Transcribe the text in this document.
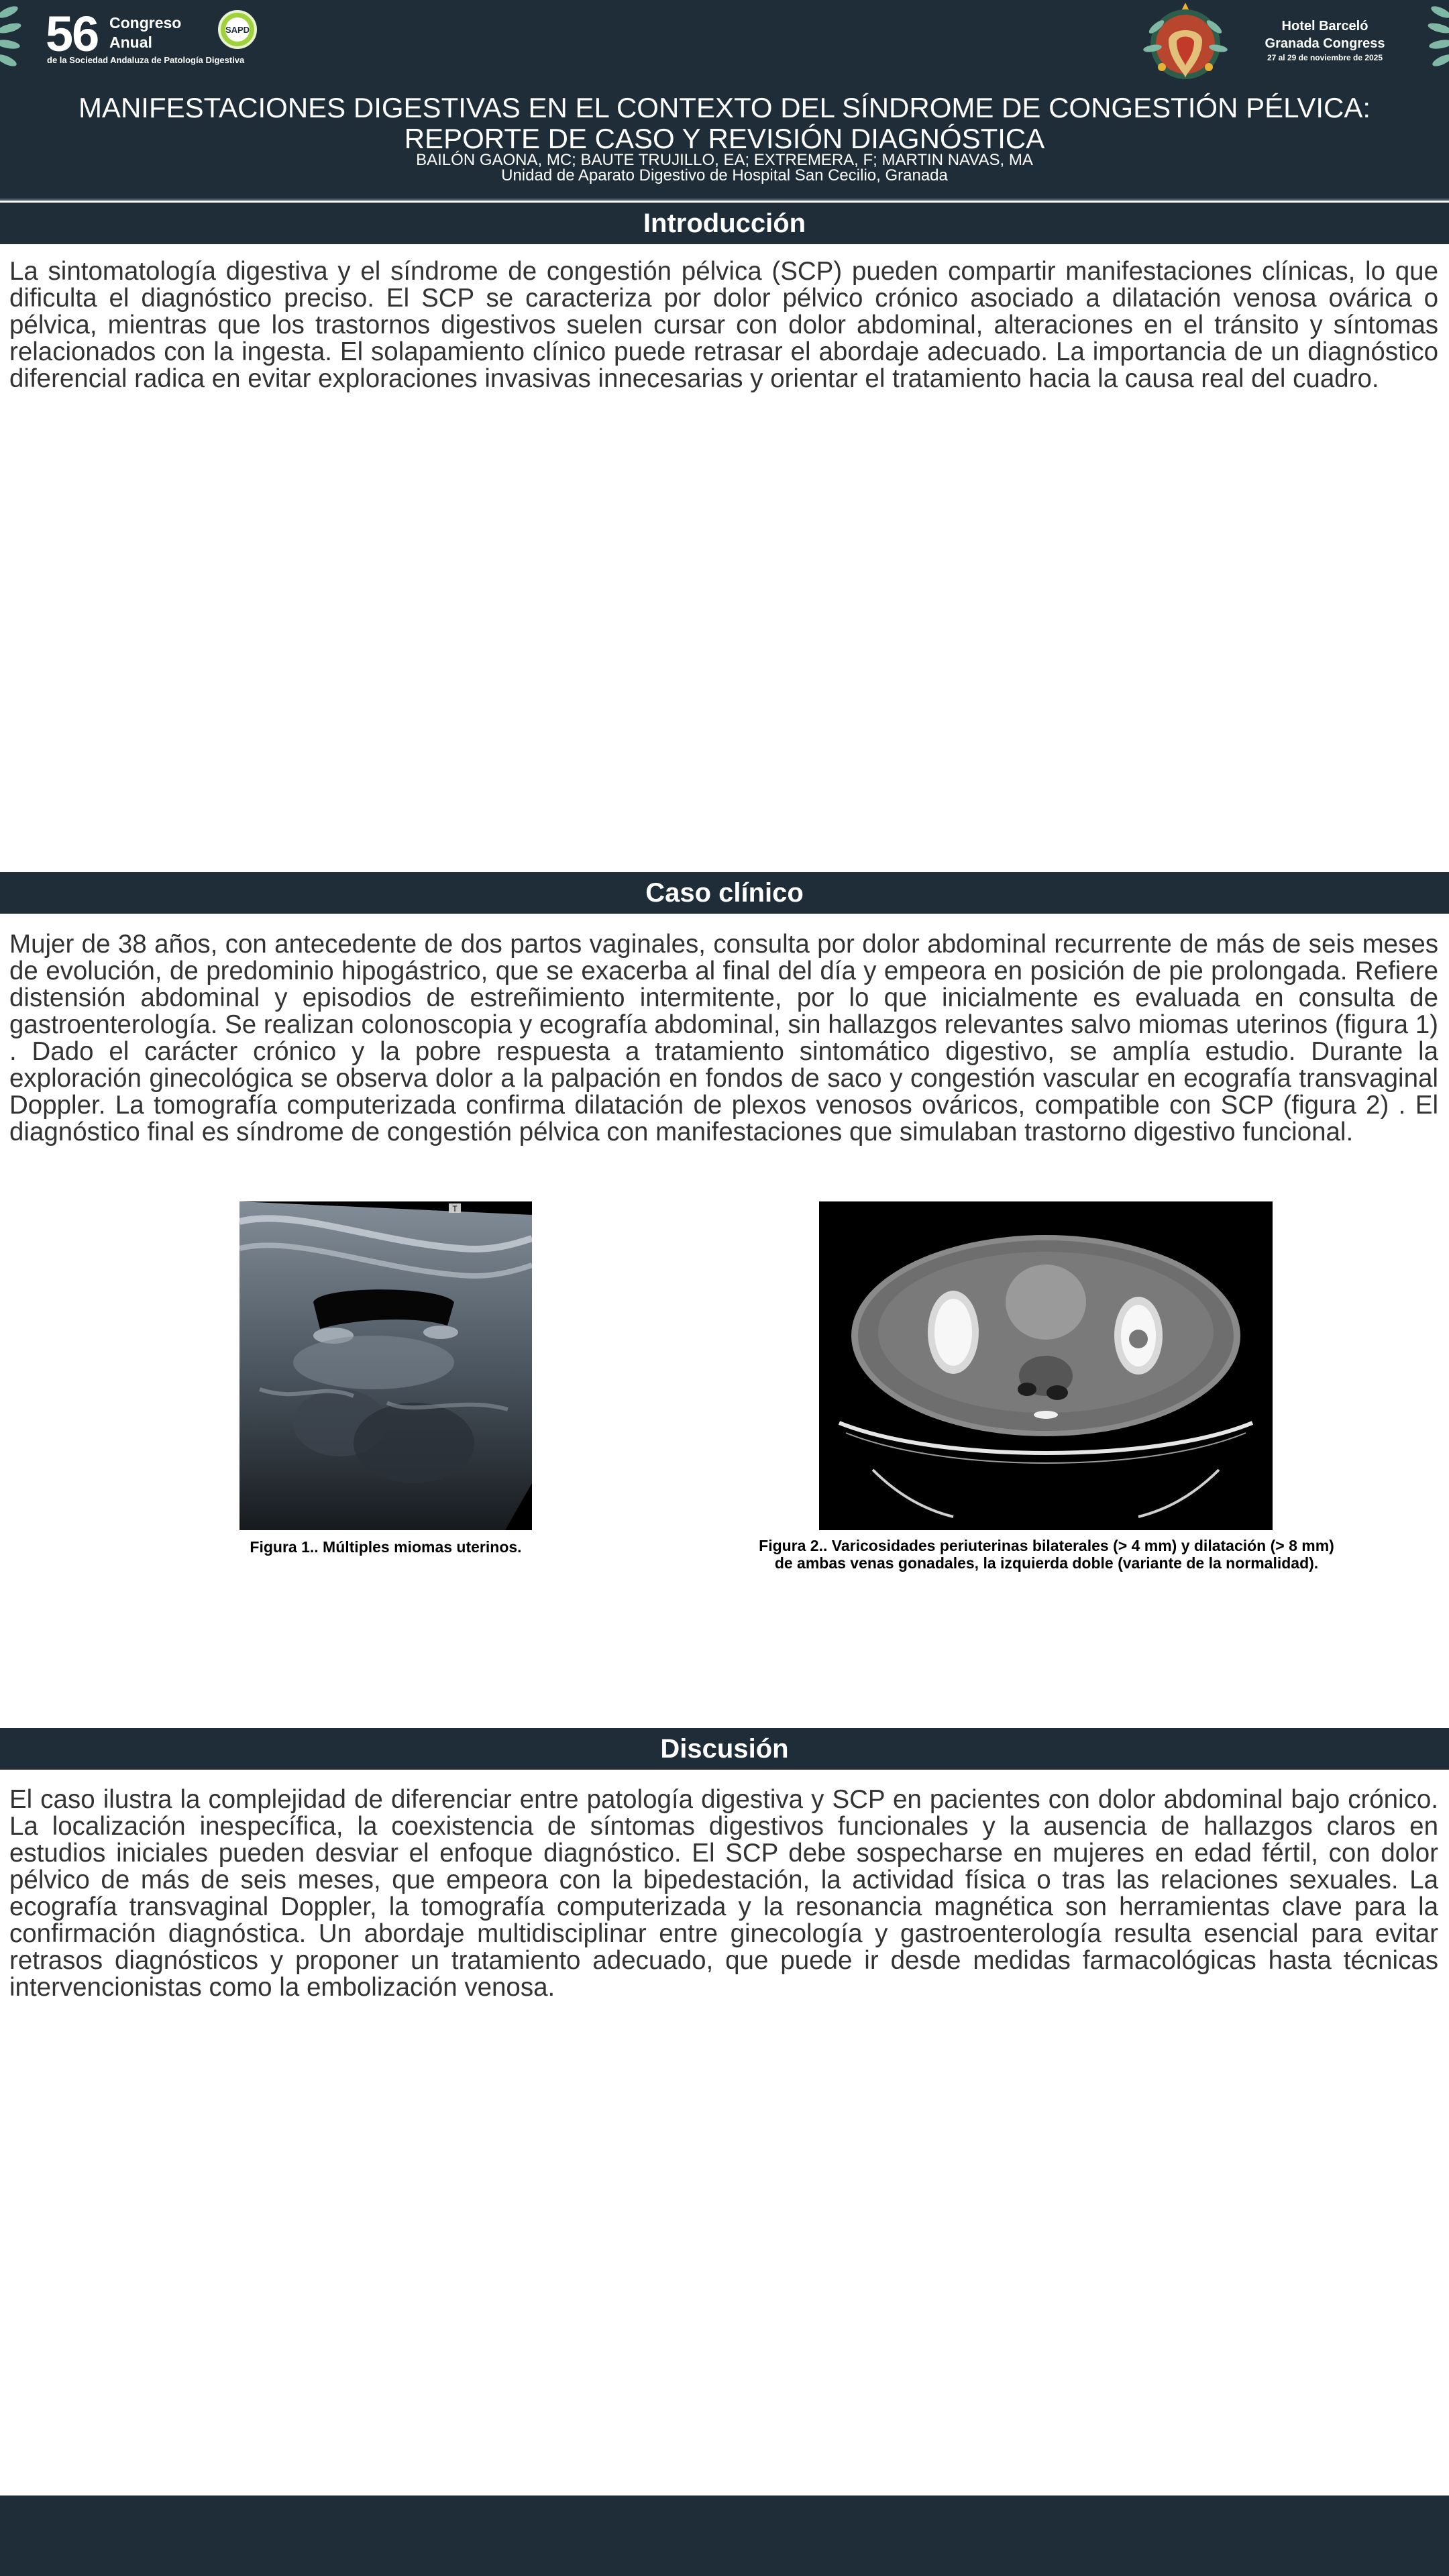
56 Congreso
Anual
de la Sociedad Andaluza de Patología Digestiva
SAPD	Hotel Barceló
Granada Congress
27 al 29 de noviembre de 2025
MANIFESTACIONES DIGESTIVAS EN EL CONTEXTO DEL SÍNDROME DE CONGESTIÓN PÉLVICA: REPORTE DE CASO Y REVISIÓN DIAGNÓSTICA
BAILÓN GAONA, MC; BAUTE TRUJILLO, EA; EXTREMERA, F; MARTIN NAVAS, MA
Unidad de Aparato Digestivo de Hospital San Cecilio, Granada
Introducción

La sintomatología digestiva y el síndrome de congestión pélvica (SCP) pueden compartir manifestaciones clínicas, lo que dificulta el diagnóstico preciso. El SCP se caracteriza por dolor pélvico crónico asociado a dilatación venosa ovárica o pélvica, mientras que los trastornos digestivos suelen cursar con dolor abdominal, alteraciones en el tránsito y síntomas relacionados con la ingesta. El solapamiento clínico puede retrasar el abordaje adecuado. La importancia de un diagnóstico diferencial radica en evitar exploraciones invasivas innecesarias y orientar el tratamiento hacia la causa real del cuadro.

Caso clínico

Mujer de 38 años, con antecedente de dos partos vaginales, consulta por dolor abdominal recurrente de más de seis meses de evolución, de predominio hipogástrico, que se exacerba al final del día y empeora en posición de pie prolongada. Refiere distensión abdominal y episodios de estreñimiento intermitente, por lo que inicialmente es evaluada en consulta de gastroenterología. Se realizan colonoscopia y ecografía abdominal, sin hallazgos relevantes salvo miomas uterinos (figura 1) . Dado el carácter crónico y la pobre respuesta a tratamiento sintomático digestivo, se amplía estudio. Durante la exploración ginecológica se observa dolor a la palpación en fondos de saco y congestión vascular en ecografía transvaginal Doppler. La tomografía computerizada confirma dilatación de plexos venosos ováricos, compatible con SCP (figura 2) . El diagnóstico final es síndrome de congestión pélvica con manifestaciones que simulaban trastorno digestivo funcional.

T
Figura 1.. Múltiples miomas uterinos.	Figura 2.. Varicosidades periuterinas bilaterales (> 4 mm) y dilatación (> 8 mm) de ambas venas gonadales, la izquierda doble (variante de la normalidad).
Discusión

El caso ilustra la complejidad de diferenciar entre patología digestiva y SCP en pacientes con dolor abdominal bajo crónico. La localización inespecífica, la coexistencia de síntomas digestivos funcionales y la ausencia de hallazgos claros en estudios iniciales pueden desviar el enfoque diagnóstico. El SCP debe sospecharse en mujeres en edad fértil, con dolor pélvico de más de seis meses, que empeora con la bipedestación, la actividad física o tras las relaciones sexuales. La ecografía transvaginal Doppler, la tomografía computerizada y la resonancia magnética son herramientas clave para la confirmación diagnóstica. Un abordaje multidisciplinar entre ginecología y gastroenterología resulta esencial para evitar retrasos diagnósticos y proponer un tratamiento adecuado, que puede ir desde medidas farmacológicas hasta técnicas intervencionistas como la embolización venosa.
